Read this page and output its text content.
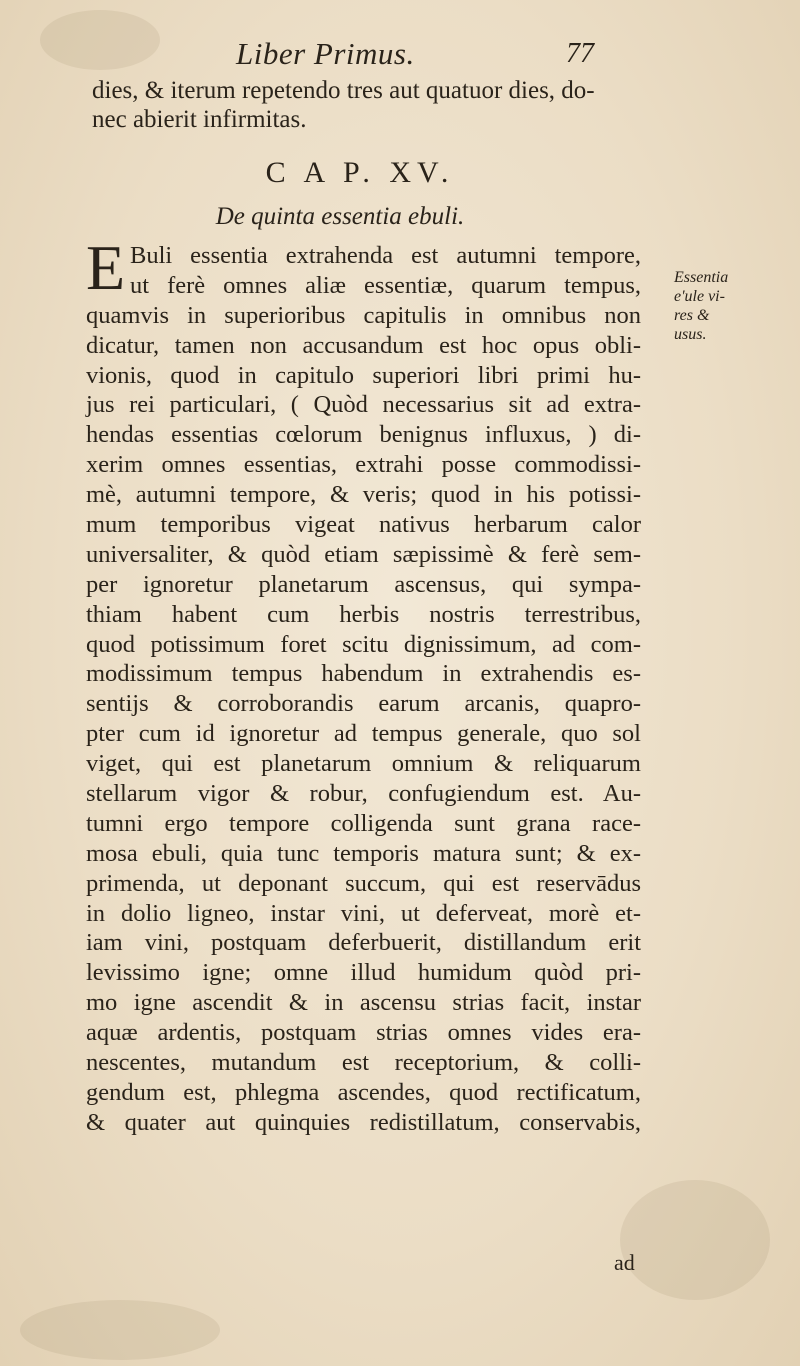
Liber Primus.	77
dies, & iterum repetendo tres aut quatuor dies, do-
nec abierit infirmitas.
C A P. XV.
De quinta essentia ebuli.
E Buli essentia extrahenda est autumni tempore,
ut ferè omnes aliæ essentiæ, quarum tempus,
quamvis in superioribus capitulis in omnibus non
dicatur, tamen non accusandum est hoc opus obli-
vionis, quod in capitulo superiori libri primi hu-
jus rei particulari, ( Quòd necessarius sit ad extra-
hendas essentias cœlorum benignus influxus, ) di-
xerim omnes essentias, extrahi posse commodissi-
mè, autumni tempore, & veris; quod in his potissi-
mum temporibus vigeat nativus herbarum calor
universaliter, & quòd etiam sæpissimè & ferè sem-
per ignoretur planetarum ascensus, qui sympa-
thiam habent cum herbis nostris terrestribus,
quod potissimum foret scitu dignissimum, ad com-
modissimum tempus habendum in extrahendis es-
sentijs & corroborandis earum arcanis, quapro-
pter cum id ignoretur ad tempus generale, quo sol
viget, qui est planetarum omnium & reliquarum
stellarum vigor & robur, confugiendum est. Au-
tumni ergo tempore colligenda sunt grana race-
mosa ebuli, quia tunc temporis matura sunt; & ex-
primenda, ut deponant succum, qui est reservādus
in dolio ligneo, instar vini, ut deferveat, morè et-
iam vini, postquam deferbuerit, distillandum erit
levissimo igne; omne illud humidum quòd pri-
mo igne ascendit & in ascensu strias facit, instar
aquæ ardentis, postquam strias omnes vides era-
nescentes, mutandum est receptorium, & colli-
gendum est, phlegma ascendes, quod rectificatum,
& quater aut quinquies redistillatum, conservabis,
Essentia
e'ule vi-
res &
usus.
ad
